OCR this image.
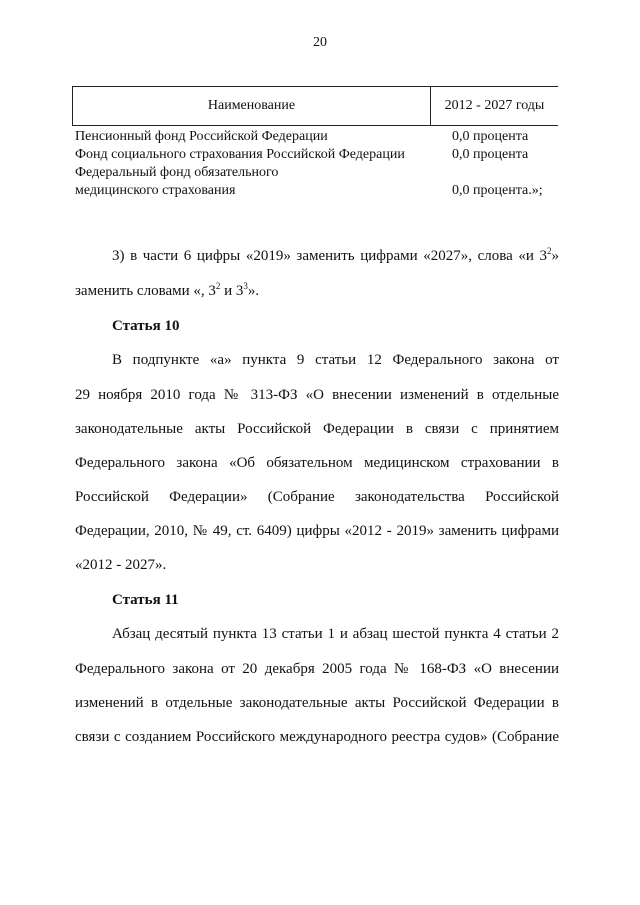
20
Наименование	2012 - 2027 годы
Пенсионный фонд Российской Федерации	0,0 процента
Фонд социального страхования Российской Федерации	0,0 процента
Федеральный фонд обязательного
медицинского страхования	0,0 процента.»;
3) в части 6 цифры «2019» заменить цифрами «2027», слова «и $3^2$»
заменить словами «, $3^2$ и $3^3$».
Статья 10
В подпункте «а» пункта 9 статьи 12 Федерального закона от
29 ноября 2010 года № 313-ФЗ «О внесении изменений в отдельные
законодательные акты Российской Федерации в связи с принятием
Федерального закона «Об обязательном медицинском страховании в
Российской Федерации» (Собрание законодательства Российской
Федерации, 2010, № 49, ст. 6409) цифры «2012 - 2019» заменить цифрами
«2012 - 2027».
Статья 11
Абзац десятый пункта 13 статьи 1 и абзац шестой пункта 4 статьи 2
Федерального закона от 20 декабря 2005 года № 168-ФЗ «О внесении
изменений в отдельные законодательные акты Российской Федерации в
связи с созданием Российского международного реестра судов» (Собрание
